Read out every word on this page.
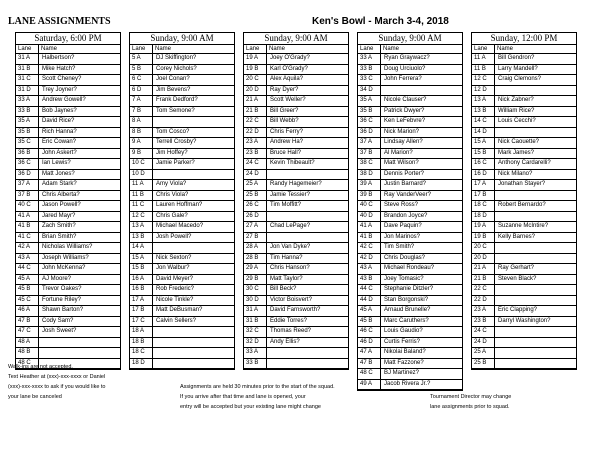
LANE ASSIGNMENTS	Ken's Bowl - March 3-4, 2018
Saturday, 6:00 PM
Lane	Name
31 A	Halbertson?
31 B	Mike Hatch?
31 C	Scott Cheney?
31 D	Trey Joyner?
33 A	Andrew Gowell?
33 B	Bob Jaynes?
35 A	David Rice?
35 B	Rich Hanna?
35 C	Eric Cowan?
36 B	John Askert?
36 C	Ian Lewis?
36 D	Matt Jones?
37 A	Adam Stark?
37 B	Chris Alberta?
40 C	Jason Powell?
41 A	Jared Mayr?
41 B	Zach Smith?
41 C	Brian Smith?
42 A	Nicholas Williams?
43 A	Joseph Williams?
44 C	John McKenna?
45 A	AJ Moore?
45 B	Trevor Oakes?
45 C	Fortune Riley?
46 A	Shawn Barton?
47 B	Cody Sam?
47 C	Josh Sweet?
48 A
48 B
48 C
Sunday, 9:00 AM
Lane	Name
5 A	DJ Skiffington?
5 B	Corey Nichols?
6 C	Joel Conan?
6 D	Jim Bevens?
7 A	Frank Dedford?
7 B	Tom Semone?
8 A
8 B	Tom Cosco?
9 A	Terrell Crosby?
9 B	Jim Hoffey?
10 C	Jamie Parker?
10 D
11 A	Amy Viola?
11 B	Chris Viola?
11 C	Lauren Hoffman?
12 C	Chris Gale?
13 A	Michael Macedo?
13 B	Josh Powell?
14 A
15 A	Nick Sexton?
15 B	Jon Walbur?
16 A	David Meyer?
16 B	Rob Frederic?
17 A	Nicole Tinkle?
17 B	Matt DeBusman?
17 C	Calvin Sellers?
18 A
18 B
18 C
18 D
Sunday, 9:00 AM
Lane	Name
19 A	Joey O'Grady?
19 B	Karl O'Grady?
20 C	Alex Aquila?
20 D	Ray Dyer?
21 A	Scott Weller?
21 B	Bill Greer?
22 C	Bill Webb?
22 D	Chris Ferry?
23 A	Andrew Ha?
23 B	Bruce Hall?
24 C	Kevin Thibeault?
24 D
25 A	Randy Hagemeier?
25 B	Jamie Tessier?
26 C	Tim Moffitt?
26 D
27 A	Chad LePage?
27 B
28 A	Jon Van Dyke?
28 B	Tim Hanna?
29 A	Chris Hanson?
29 B	Matt Taylor?
30 C	Bill Beck?
30 D	Victor Boisvert?
31 A	David Farnsworth?
31 B	Eddie Torres?
32 C	Thomas Reed?
32 D	Andy Ellis?
33 A
33 B
Sunday, 9:00 AM
Lane	Name
33 A	Ryan Graywacz?
33 B	Doug Urciuolo?
33 C	John Ferrera?
34 D
35 A	Nicole Clauser?
35 B	Patrick Dwyer?
36 C	Ken LeFebvre?
36 D	Nick Marion?
37 A	Lindsay Allen?
37 B	Al Marion?
38 C	Matt Wilson?
38 D	Dennis Porter?
39 A	Justin Barnard?
39 B	Ray VanderVeer?
40 C	Steve Ross?
40 D	Brandon Joyce?
41 A	Dave Paquin?
41 B	Jon Marinos?
42 C	Tim Smith?
42 D	Chris Douglas?
43 A	Michael Rondeau?
43 B	Joey Tomasic?
44 C	Stephanie Ditzler?
44 D	Stan Borgonski?
45 A	Arnaud Brunelle?
45 B	Marc Caruthers?
46 C	Louis Gaudio?
46 D	Curtis Ferris?
47 A	Nikolai Baland?
47 B	Matt Fazzone?
48 C	BJ Martinez?
49 A	Jacob Rivera Jr.?
Sunday, 12:00 PM
Lane	Name
11 A	Bill Gendron?
11 B	Larry Mandell?
12 C	Craig Clemons?
12 D
13 A	Nick Zabner?
13 B	William Rice?
14 C	Louis Cecchi?
14 D
15 A	Nick Caouette?
15 B	Mark James?
16 C	Anthony Cardarelli?
16 D	Nick Milano?
17 A	Jonathan Stayer?
17 B
18 C	Robert Bernardo?
18 D
19 A	Suzanne McIntire?
19 B	Kelly Barnes?
20 C
20 D
21 A	Ray Gerhart?
21 B	Steven Black?
22 C
22 D
23 A	Eric Clapping?
23 B	Darryl Washington?
24 C
24 D
25 A
25 B
Walk-ins are not accepted.
Text Heather at (xxx)-xxx-xxxx or Daniel
(xxx)-xxx-xxxx to ask if you would like to
your lane be canceled
Assignments are held 30 minutes prior to the start of the squad.
If you arrive after that time and lane is opened, your
entry will be accepted but your existing lane might change
Tournament Director may change
lane assignments prior to squad.
